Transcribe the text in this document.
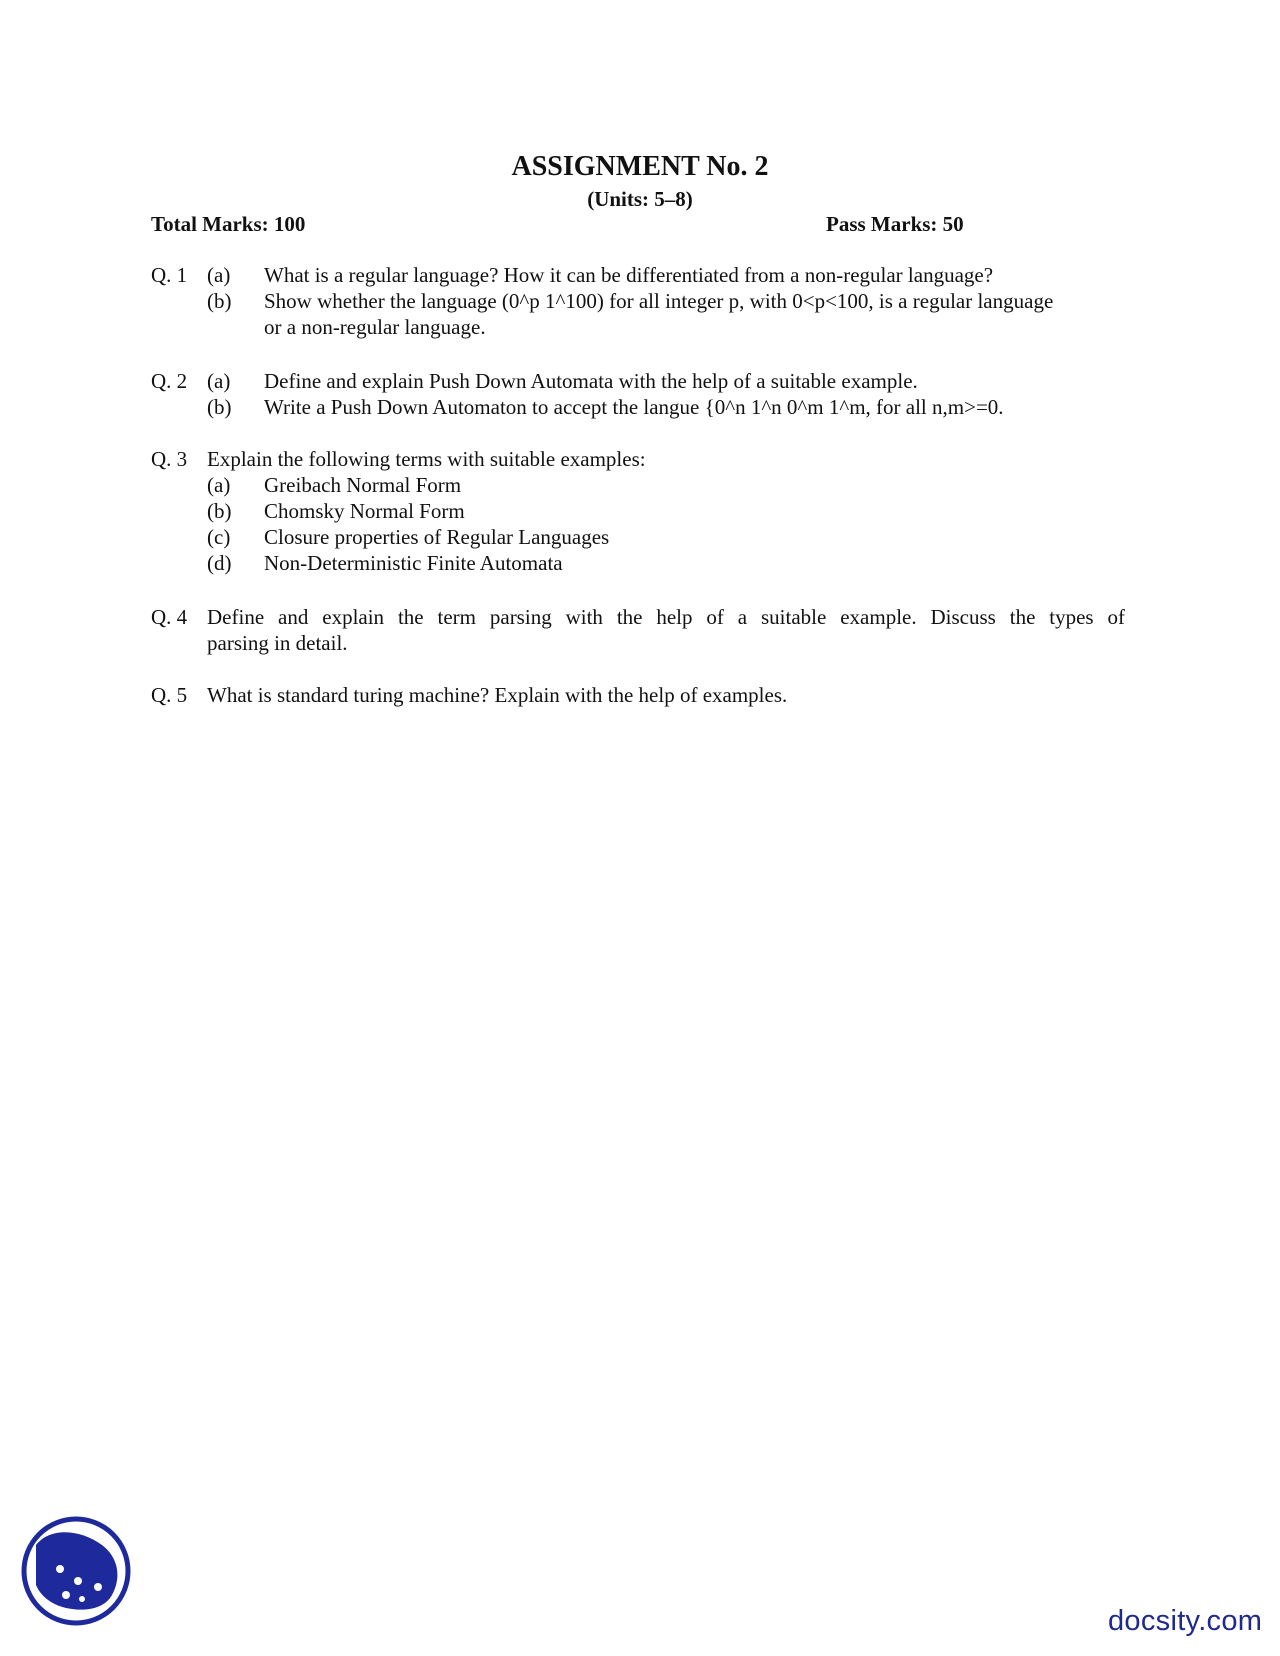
ASSIGNMENT No. 2
(Units: 5–8)
Total Marks: 100	Pass Marks: 50
Q. 1 (a) What is a regular language? How it can be differentiated from a non-regular language?
(b) Show whether the language (0^p 1^100) for all integer p, with 0<p<100, is a regular language
or a non-regular language.
Q. 2 (a) Define and explain Push Down Automata with the help of a suitable example.
(b) Write a Push Down Automaton to accept the langue {0^n 1^n 0^m 1^m, for all n,m>=0.
Q. 3 Explain the following terms with suitable examples:
(a) Greibach Normal Form
(b) Chomsky Normal Form
(c) Closure properties of Regular Languages
(d) Non-Deterministic Finite Automata
Q. 4 Define and explain the term parsing with the help of a suitable example. Discuss the types of
parsing in detail.
Q. 5 What is standard turing machine? Explain with the help of examples.
docsity.com
